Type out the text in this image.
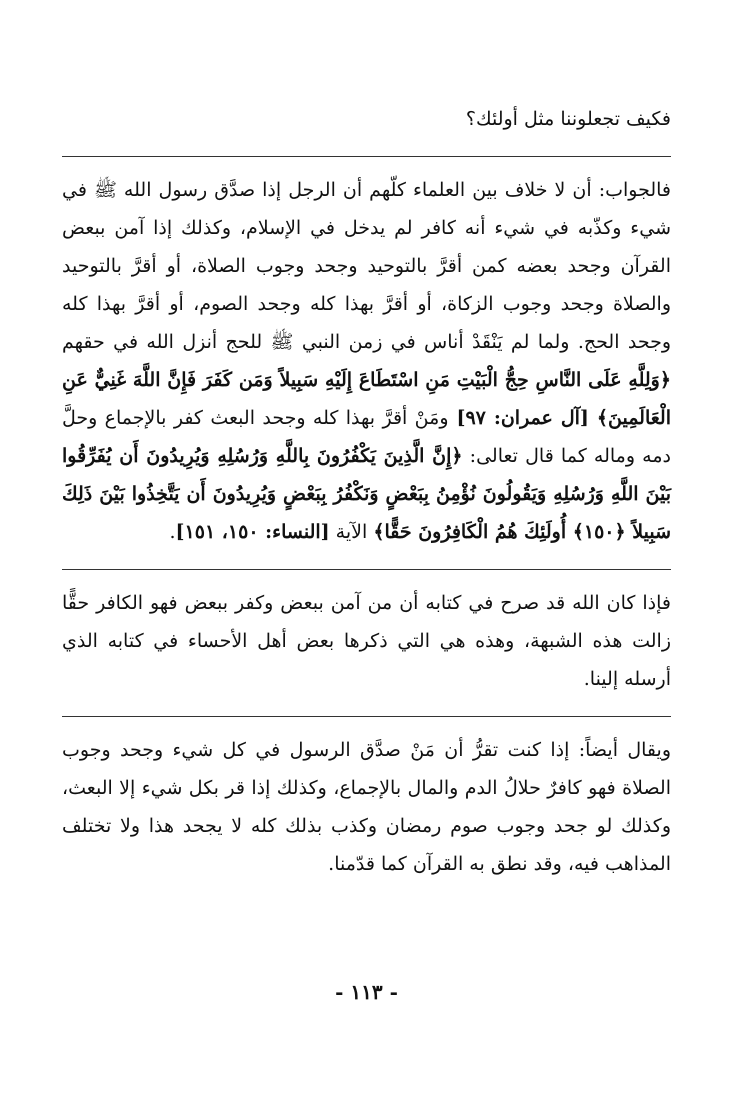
فكيف تجعلوننا مثل أولئك؟

فالجواب: أن لا خلاف بين العلماء كلّهم أن الرجل إذا صدَّق رسول الله ﷺ في شيء وكذّبه في شيء أنه كافر لم يدخل في الإسلام، وكذلك إذا آمن ببعض القرآن وجحد بعضه كمن أقرَّ بالتوحيد وجحد وجوب الصلاة، أو أقرَّ بالتوحيد والصلاة وجحد وجوب الزكاة، أو أقرَّ بهذا كله وجحد الصوم، أو أقرَّ بهذا كله وجحد الحج. ولما لم يَنْقَدْ أناس في زمن النبي ﷺ للحج أنزل الله في حقهم ﴿وَلِلَّهِ عَلَى النَّاسِ حِجُّ الْبَيْتِ مَنِ اسْتَطَاعَ إِلَيْهِ سَبِيلاً وَمَن كَفَرَ فَإِنَّ اللَّهَ غَنِيٌّ عَنِ الْعَالَمِينَ﴾ [آل عمران: ٩٧] ومَنْ أقرَّ بهذا كله وجحد البعث كفر بالإجماع وحلَّ دمه وماله كما قال تعالى: ﴿إِنَّ الَّذِينَ يَكْفُرُونَ بِاللَّهِ وَرُسُلِهِ وَيُرِيدُونَ أَن يُفَرِّقُوا بَيْنَ اللَّهِ وَرُسُلِهِ وَيَقُولُونَ نُؤْمِنُ بِبَعْضٍ وَنَكْفُرُ بِبَعْضٍ وَيُرِيدُونَ أَن يَتَّخِذُوا بَيْنَ ذَلِكَ سَبِيلاً ﴿١٥٠﴾ أُولَئِكَ هُمُ الْكَافِرُونَ حَقًّا﴾ الآية [النساء: ١٥٠، ١٥١].

فإذا كان الله قد صرح في كتابه أن من آمن ببعض وكفر ببعض فهو الكافر حقًّا زالت هذه الشبهة، وهذه هي التي ذكرها بعض أهل الأحساء في كتابه الذي أرسله إلينا.

ويقال أيضاً: إذا كنت تقرُّ أن مَنْ صدَّق الرسول في كل شيء وجحد وجوب الصلاة فهو كافرٌ حلالُ الدم والمال بالإجماع، وكذلك إذا قر بكل شيء إلا البعث، وكذلك لو جحد وجوب صوم رمضان وكذب بذلك كله لا يجحد هذا ولا تختلف المذاهب فيه، وقد نطق به القرآن كما قدّمنا.

- ١١٣ -
